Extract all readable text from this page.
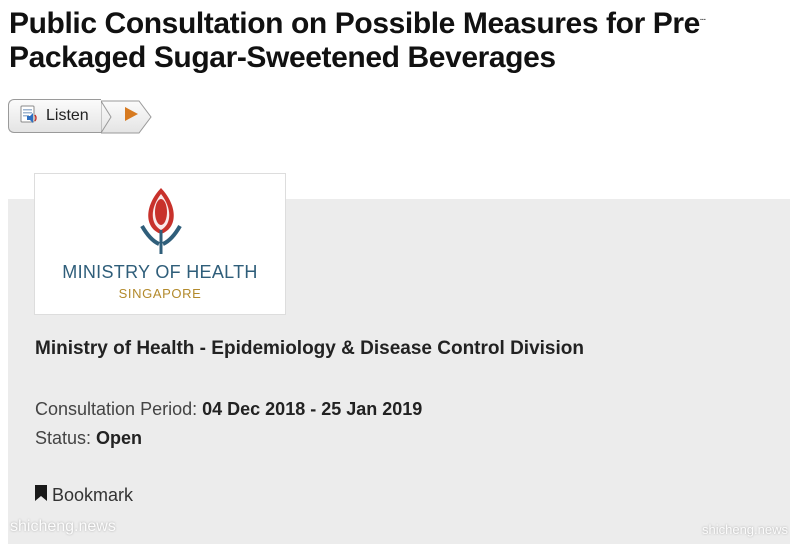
Public Consultation on Possible Measures for Pre···
Packaged Sugar-Sweetened Beverages
Listen
MINISTRY OF HEALTH
SINGAPORE
Ministry of Health - Epidemiology & Disease Control Division
Consultation Period: 04 Dec 2018 - 25 Jan 2019
Status: Open
Bookmark
shicheng.news	shicheng.news
